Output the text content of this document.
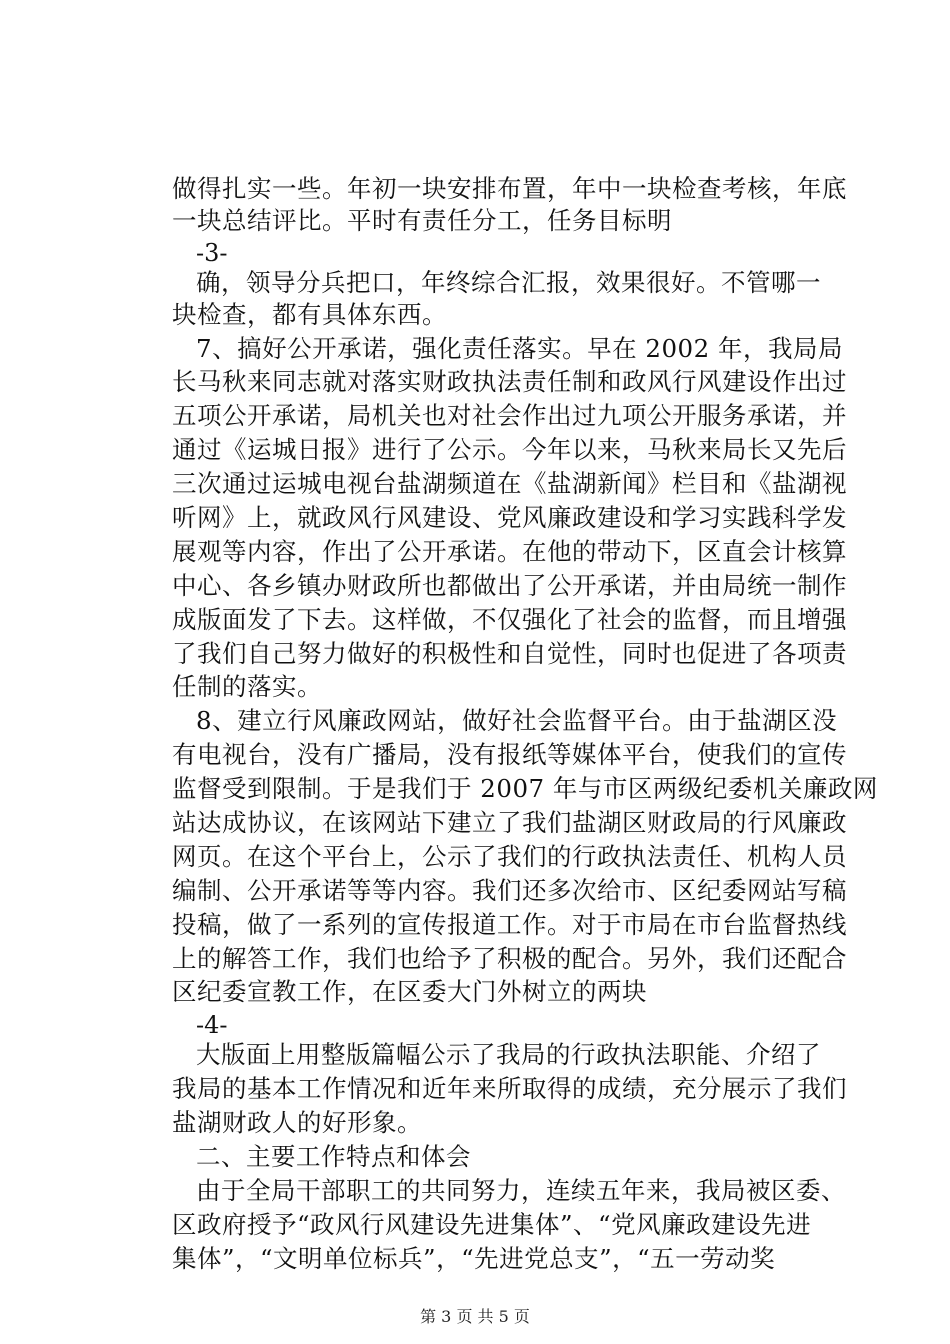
做得扎实一些。年初一块安排布置，年中一块检查考核，年底
一块总结评比。平时有责任分工，任务目标明
-3-
确，领导分兵把口，年终综合汇报，效果很好。不管哪一
块检查，都有具体东西。
7、搞好公开承诺，强化责任落实。早在 2002 年，我局局
长马秋来同志就对落实财政执法责任制和政风行风建设作出过
五项公开承诺，局机关也对社会作出过九项公开服务承诺，并
通过《运城日报》进行了公示。今年以来，马秋来局长又先后
三次通过运城电视台盐湖频道在《盐湖新闻》栏目和《盐湖视
听网》上，就政风行风建设、党风廉政建设和学习实践科学发
展观等内容，作出了公开承诺。在他的带动下，区直会计核算
中心、各乡镇办财政所也都做出了公开承诺，并由局统一制作
成版面发了下去。这样做，不仅强化了社会的监督，而且增强
了我们自己努力做好的积极性和自觉性，同时也促进了各项责
任制的落实。
8、建立行风廉政网站，做好社会监督平台。由于盐湖区没
有电视台，没有广播局，没有报纸等媒体平台，使我们的宣传
监督受到限制。于是我们于 2007 年与市区两级纪委机关廉政网
站达成协议，在该网站下建立了我们盐湖区财政局的行风廉政
网页。在这个平台上，公示了我们的行政执法责任、机构人员
编制、公开承诺等等内容。我们还多次给市、区纪委网站写稿
投稿，做了一系列的宣传报道工作。对于市局在市台监督热线
上的解答工作，我们也给予了积极的配合。另外，我们还配合
区纪委宣教工作，在区委大门外树立的两块
-4-
大版面上用整版篇幅公示了我局的行政执法职能、介绍了
我局的基本工作情况和近年来所取得的成绩，充分展示了我们
盐湖财政人的好形象。
二、主要工作特点和体会
由于全局干部职工的共同努力，连续五年来，我局被区委、
区政府授予“政风行风建设先进集体”、“党风廉政建设先进
集体”，“文明单位标兵”，“先进党总支”，“五一劳动奖
第 3 页 共 5 页
